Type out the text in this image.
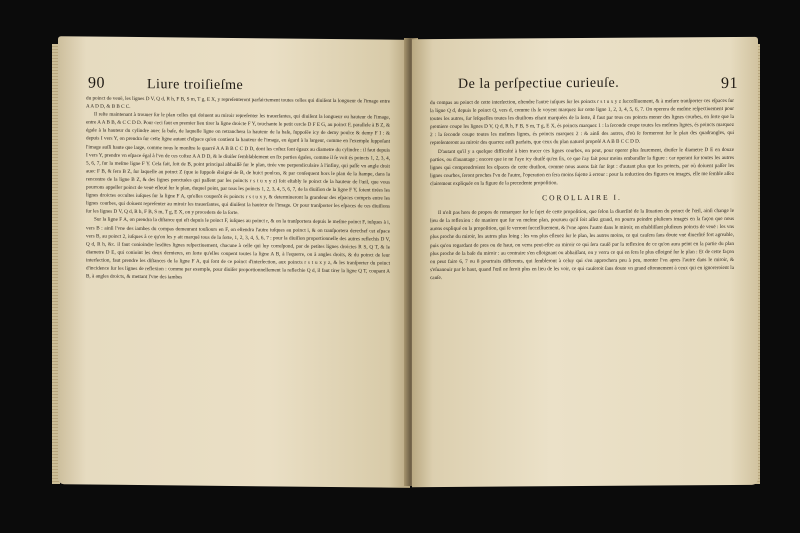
90	Liure troiſieſme

du poinct de veuë, les lignes D V, Q d, R h, F B, S m, T g, E X, y repreſenteront parfaictement toutes celles qui diuiſent la longueur de l'image entre A A D D, & B B C C.

Il reſte maintenant à trouuer ſur le plan celles qui doiuent au miroir repreſenter les trauerſantes, qui diuiſent la longueur ou hauteur de l'image, entre A A B B, & C C D D. Pour ceci faut en premier lieu tirer la ligne droicte F Y, touchante le petit cercle D F E G, au poinct F, parallele à B Z, & égale à la hauteur du cylindre auec ſa baſe, de laquelle ligne on retranchera la hauteur de la baſe, ſuppoſée icy de demy poulce & demy F I : & depuis I vers Y, on prendra ſur cette ligne autant d'eſpace qu'en contient la hauteur de l'image, eu égard à la largeur, comme en l'exemple ſuppoſant l'image auſſi haute que large, comme nous le monſtre le quarré A A B B C C D D, dont les coſtez ſont égaux au diametre du cylindre : il faut depuis I vers Y, prendre vn eſpace égal à l'vn de ces coſtez A A D D, & le diuiſer ſemblablement en ſix parties égales, comme il ſe voit és poincts 1, 2, 3, 4, 5, 6, 7, ſur la meſme ligne F Y. Cela fait, ſoit de B, point principal abbaiſſé ſur le plan, tirée vne perpendiculaire à l'infiny, qui paſſe vn angle droit auec F B, & ſera B Z, ſur laquelle au poinct Z (que ie ſuppoſe éloigné de B, de huict poulces, & par conſequent hors le plan de la ſtampe, dans la rencontre de la ligne B Z, & des lignes ponctuées qui paſſent par les poincts r s t u x y z) ſoit eſtably le poinct de la hauteur de l'œil, que vous pourrons appeller poinct de veuë eſleué ſur le plan, duquel point, par tous les poincts 1, 2, 3, 4, 5, 6, 7, de la diuiſion de la ligne F Y, ſoient tirées les lignes droictes occultes iuſques ſur la ligne F A, qu'elles couperôt és poincts r s t u x y, & determineront la grandeur des eſpaces compris entre les lignes courbes, qui doiuent repreſenter au miroir les trauerſantes, qui diuiſent la hauteur de l'image. Or pour tranſporter les eſpaces de ces diuiſions ſur les lignes D V, Q d, R h, F B, S m, T g, E X, on y procedera de la ſorte.

Sur la ligne F A, on prendra la diſtance qui eſt depuis le poinct F, iuſques au poinct r, & on la tranſportera depuis le meſme poinct F, iuſques à i, vers B : ainſi l'vne des iambes du compas demeurant touſiours en F, on eſtendra l'autre iuſques au poinct i, & on tranſportera derechef cet eſpace vers B, au poinct 2, iuſques à ce qu'on les y ait marqué tous de la ſorte, 1, 2, 3, 4, 5, 6, 7 : pour la diuiſion proportionnelle des autres reflechis D V, Q d, R h, &c. il faut conioindre lesdites lignes reſpectiuement, chacune à celle qui luy correſpond, par de petites lignes droictes R S, Q T, & le diametre D E, qui conioint les deux dernieres, en ſorte qu'elles coupent toutes la ligne A B, à l'equerre, ou à angles droits, & du poinct de leur interſection, faut prendre les diſtances de la ligne F A, qui ſont de ce poinct d'interſection, aux poincts r s t u x y z, & les tranſporter du poinct d'incidence ſur les lignes de reflexion : comme par exemple, pour diuiſer proportionnellement la reflechie Q d, il faut tirer la ligne Q T, coupant A B, à angles droicts, & mettant l'vne des iambes

De la perſpectiue curieuſe.	91

du compas au poinct de cette interſection, eſtendre l'autre iuſques ſur les poincts r s t u x y z ſucceſſiuement, & à meſure tranſporter ces eſpaces ſur la ligne Q d, depuis le poinct Q, vers d, comme ils ſe voyent marquez ſur cette ligne 1, 2, 3, 4, 5, 6, 7. On operera de meſme reſpectiuement pour toutes les autres, ſur leſquelles toutes les diuiſions eſtant marquées de la ſorte, il faut par tous ces poincts mener des lignes courbes, en ſorte que la premiere coupe les lignes D V, Q d, R h, F B, S m, T g, E X, és poincts marquez 1 : la ſeconde coupe toutes les meſmes lignes, és poincts marquez 2 : la ſeconde coupe toutes les meſmes lignes, és poincts marquez 2 : & ainſi des autres, d'où ſe formeront ſur le plan des quadrangles, qui repreſenteront au miroir des quarrez auſſi parfaits, que ceux du plan naturel propoſé A A B B C C D D.

D'autant qu'il y a quelque difficulté à bien tracer ces lignes courbes, on peut, pour operer plus ſeurement, diuiſer le diametre D E en douze parties, ou d'auantage ; encore que ie ne l'aye icy diuiſé qu'en ſix, ce que i'ay fait pour moins embaraſſer la figure : car operant ſur toutes les autres lignes qui comprendroient les eſpaces de cette diuiſion, comme nous auons fait ſur ſept : d'autant plus que les poincts, par où doiuent paſſer les lignes courbes, ſeront proches l'vn de l'autre, l'operation en ſera moins ſujette à erreur : pour la reduction des figures ou images, elle me ſemble aſſez clairement expliquée en la figure de la precedente propoſition.

COROLLAIRE I.

Il n'eſt pas hors de propos de remarquer ſur le ſujet de cette propoſition, que ſelon la diuerſité de la ſituation du poinct de l'œil, ainſi change le lieu de la reflexion : de maniere que ſur vn meſme plan, pourueu qu'il ſoit aſſez grand, on pourra peindre pluſieurs images en la façon que nous auons expliqué en la propoſition, qui ſe verront ſucceſſiuement, & l'vne apres l'autre dans le miroir, en eſtabliſſant pluſieurs poincts de veuë : les vns plus proche du miroir, les autres plus loing : les vns plus eſleuez ſur le plan, les autres moins, ce qui cauſera ſans doute vne diuerſité fort agreable, puis qu'en regardant de pres ou de haut, on verra peut-eſtre au miroir ce qui ſera cauſé par la reflexion de ce qu'on aura peint en la partie du plan plus proche de la baſe du miroir : au contraire s'en eſloignant ou abbaiſſant, on y verra ce qui en ſera le plus eſloigné ſur le plan : Et de cette façon on peut faire 6, 7 ou 8 pourtraits differents, qui ſembleront à celuy qui s'en approchera peu à peu, monter l'vn apres l'autre dans le miroir, & s'eſuanouir par le haut, quand l'œil ne ſeroit plus en lieu de les voir, ce qui cauſeroit ſans doute vn grand eſtonnement à ceux qui en ignoreroient la cauſe.
